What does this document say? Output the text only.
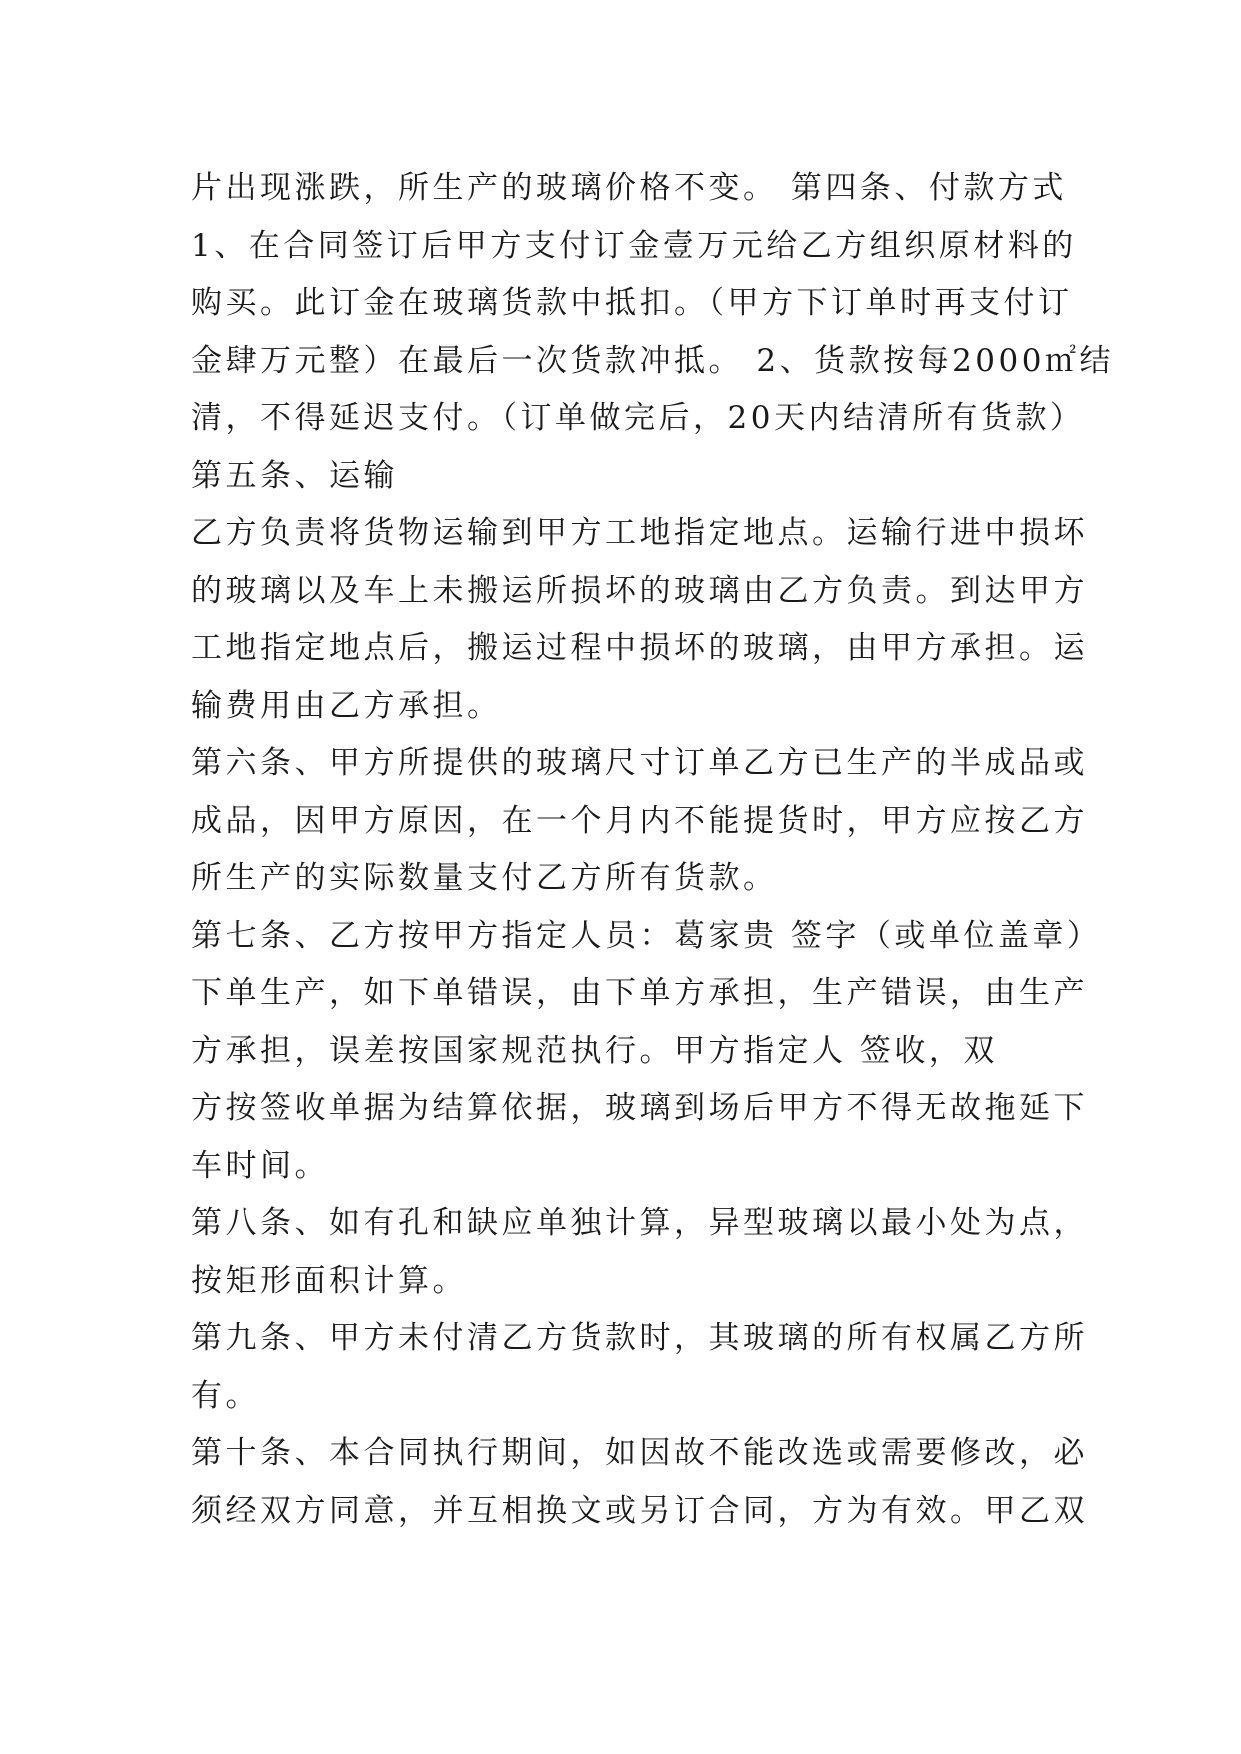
片出现涨跌，所生产的玻璃价格不变。 第四条、付款方式
1、在合同签订后甲方支付订金壹万元给乙方组织原材料的
购买。此订金在玻璃货款中抵扣。（甲方下订单时再支付订
金肆万元整）在最后一次货款冲抵。 2、货款按每2000㎡结
清，不得延迟支付。（订单做完后，20天内结清所有货款）
第五条、运输
乙方负责将货物运输到甲方工地指定地点。运输行进中损坏
的玻璃以及车上未搬运所损坏的玻璃由乙方负责。到达甲方
工地指定地点后，搬运过程中损坏的玻璃，由甲方承担。运
输费用由乙方承担。
第六条、甲方所提供的玻璃尺寸订单乙方已生产的半成品或
成品，因甲方原因，在一个月内不能提货时，甲方应按乙方
所生产的实际数量支付乙方所有货款。
第七条、乙方按甲方指定人员：葛家贵 签字（或单位盖章）
下单生产，如下单错误，由下单方承担，生产错误，由生产
方承担，误差按国家规范执行。甲方指定人 签收，双
方按签收单据为结算依据，玻璃到场后甲方不得无故拖延下
车时间。
第八条、如有孔和缺应单独计算，异型玻璃以最小处为点，
按矩形面积计算。
第九条、甲方未付清乙方货款时，其玻璃的所有权属乙方所
有。
第十条、本合同执行期间，如因故不能改选或需要修改，必
须经双方同意，并互相换文或另订合同，方为有效。甲乙双
